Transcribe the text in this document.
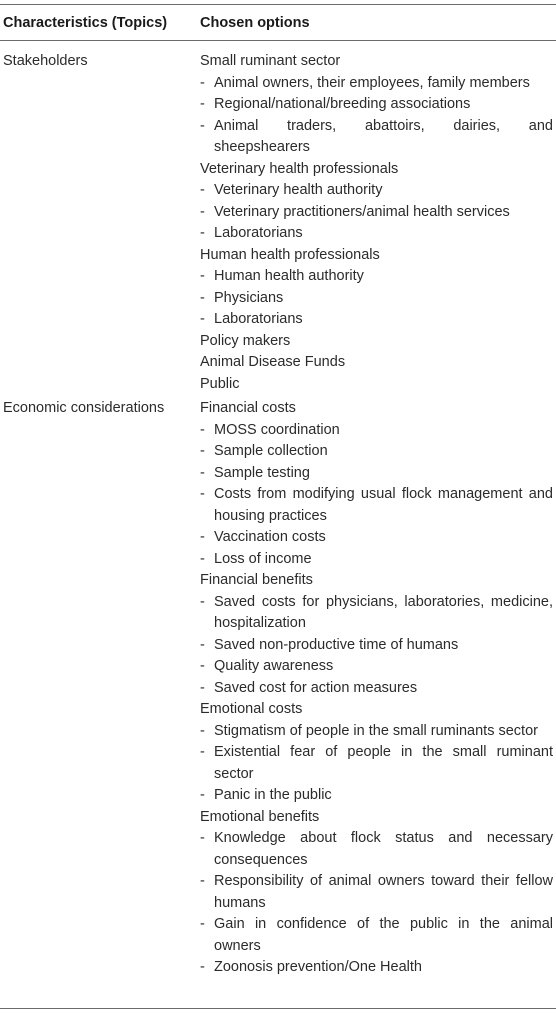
Characteristics (Topics)	Chosen options
Stakeholders	Small ruminant sector
- Animal owners, their employees, family members
- Regional/national/breeding associations
- Animal traders, abattoirs, dairies, and sheepshearers
Veterinary health professionals
- Veterinary health authority
- Veterinary practitioners/animal health services
- Laboratorians
Human health professionals
- Human health authority
- Physicians
- Laboratorians
Policy makers
Animal Disease Funds
Public
Economic considerations	Financial costs
- MOSS coordination
- Sample collection
- Sample testing
- Costs from modifying usual flock management and housing practices
- Vaccination costs
- Loss of income
Financial benefits
- Saved costs for physicians, laboratories, medicine, hospitalization
- Saved non-productive time of humans
- Quality awareness
- Saved cost for action measures
Emotional costs
- Stigmatism of people in the small ruminants sector
- Existential fear of people in the small ruminant sector
- Panic in the public
Emotional benefits
- Knowledge about flock status and necessary consequences
- Responsibility of animal owners toward their fellow humans
- Gain in confidence of the public in the animal owners
- Zoonosis prevention/One Health
